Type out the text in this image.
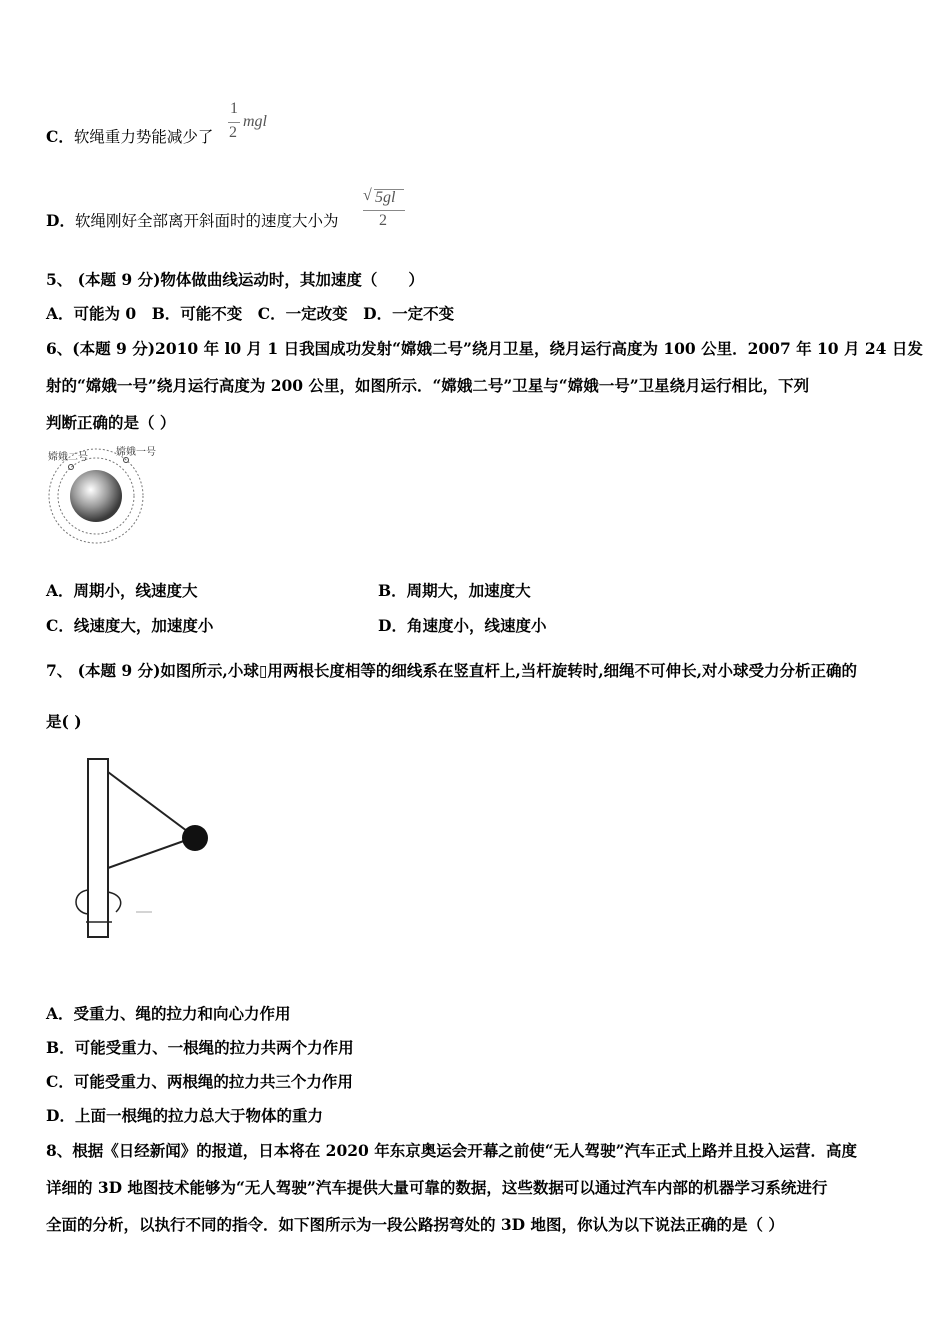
C．软绳重力势能减少了
1
2
mgl
D．软绳刚好全部离开斜面时的速度大小为
√ 5gl
2
5、 (本题 9 分)物体做曲线运动时，其加速度（　　）
A．可能为 0　B．可能不变　C．一定改变　D．一定不变
6、(本题 9 分)2010 年 l0 月 1 日我国成功发射“嫦娥二号”绕月卫星，绕月运行高度为 100 公里．2007 年 10 月 24 日发
射的“嫦娥一号”绕月运行高度为 200 公里，如图所示．“嫦娥二号”卫星与“嫦娥一号”卫星绕月运行相比，下列
判断正确的是（ ）
嫦娥二号	嫦娥一号
A．周期小，线速度大	B．周期大，加速度大
C．线速度大，加速度小	D．角速度小，线速度小
7、 (本题 9 分)如图所示,小球▯用两根长度相等的细线系在竖直杆上,当杆旋转时,细绳不可伸长,对小球受力分析正确的
是( )
A．受重力、绳的拉力和向心力作用
B．可能受重力、一根绳的拉力共两个力作用
C．可能受重力、两根绳的拉力共三个力作用
D．上面一根绳的拉力总大于物体的重力
8、根据《日经新闻》的报道，日本将在 2020 年东京奥运会开幕之前使“无人驾驶”汽车正式上路并且投入运营．高度
详细的 3D 地图技术能够为“无人驾驶”汽车提供大量可靠的数据，这些数据可以通过汽车内部的机器学习系统进行
全面的分析，以执行不同的指令．如下图所示为一段公路拐弯处的 3D 地图，你认为以下说法正确的是（ ）
